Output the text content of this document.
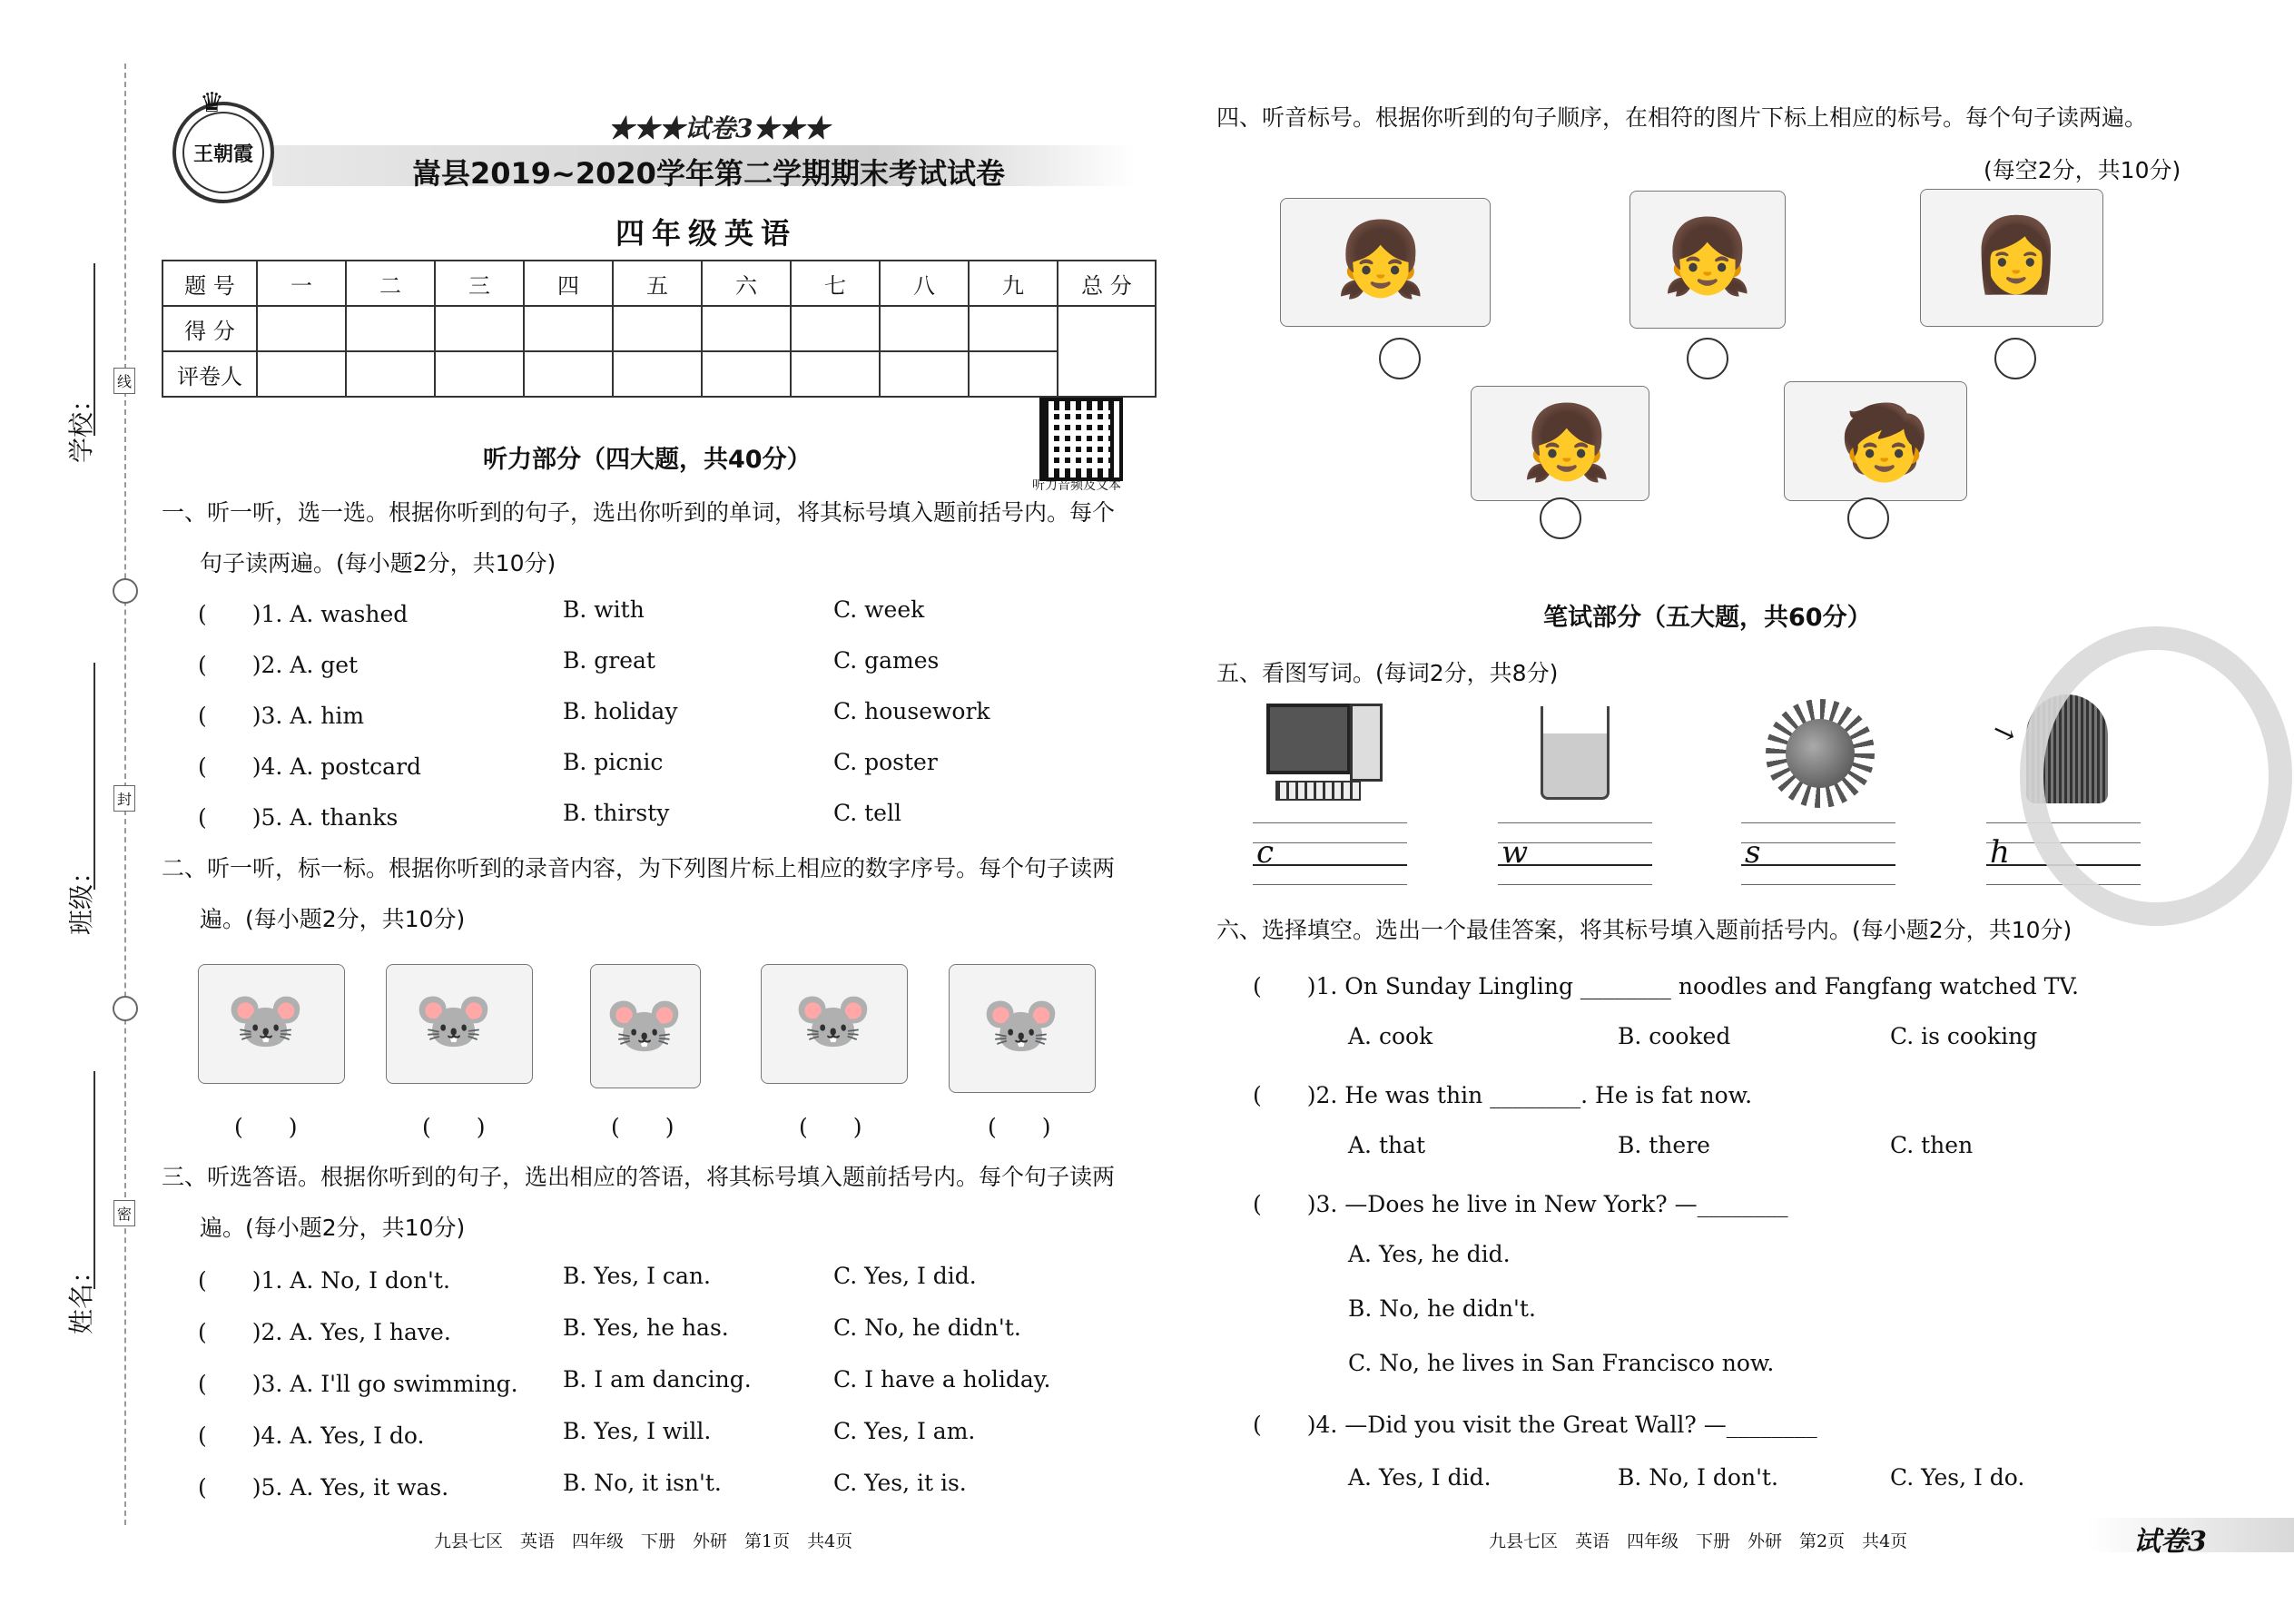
学校：
班级：
姓名：
线
封
密
王朝霞
♛
★★★试卷3★★★
嵩县2019~2020学年第二学期期末考试试卷
四年级英语
题 号	一	二	三	四	五	六	七	八	九	总 分
得 分										
评卷人										
听力音频及文本
听力部分（四大题，共40分）
一、听一听，选一选。根据你听到的句子，选出你听到的单词，将其标号填入题前括号内。每个
句子读两遍。(每小题2分，共10分)
(　　)1. A. washed	B. with	C. week
(　　)2. A. get	B. great	C. games
(　　)3. A. him	B. holiday	C. housework
(　　)4. A. postcard	B. picnic	C. poster
(　　)5. A. thanks	B. thirsty	C. tell
二、听一听，标一标。根据你听到的录音内容，为下列图片标上相应的数字序号。每个句子读两
遍。(每小题2分，共10分)
🐭 🐭 🐭 🐭 🐭
(　　)	(　　)	(　　)	(　　)	(　　)
三、听选答语。根据你听到的句子，选出相应的答语，将其标号填入题前括号内。每个句子读两
遍。(每小题2分，共10分)
(　　)1. A. No, I don't.	B. Yes, I can.	C. Yes, I did.
(　　)2. A. Yes, I have.	B. Yes, he has.	C. No, he didn't.
(　　)3. A. I'll go swimming. B. I am dancing.	C. I have a holiday.
(　　)4. A. Yes, I do.	B. Yes, I will.	C. Yes, I am.
(　　)5. A. Yes, it was.	B. No, it isn't.	C. Yes, it is.
九县七区　英语　四年级　下册　外研　第1页　共4页
四、听音标号。根据你听到的句子顺序，在相符的图片下标上相应的标号。每个句子读两遍。
(每空2分，共10分)
👧	👧	👩
👧	🧒
笔试部分（五大题，共60分）
五、看图写词。(每词2分，共8分)
→
c	w	s	h
六、选择填空。选出一个最佳答案，将其标号填入题前括号内。(每小题2分，共10分)
(　　)1. On Sunday Lingling ________ noodles and Fangfang watched TV.
A. cook	B. cooked	C. is cooking
(　　)2. He was thin ________. He is fat now.
A. that	B. there	C. then
(　　)3. —Does he live in New York? —________
A. Yes, he did.
B. No, he didn't.
C. No, he lives in San Francisco now.
(　　)4. —Did you visit the Great Wall? —________
A. Yes, I did.	B. No, I don't.	C. Yes, I do.
九县七区　英语　四年级　下册　外研　第2页　共4页	试卷3
